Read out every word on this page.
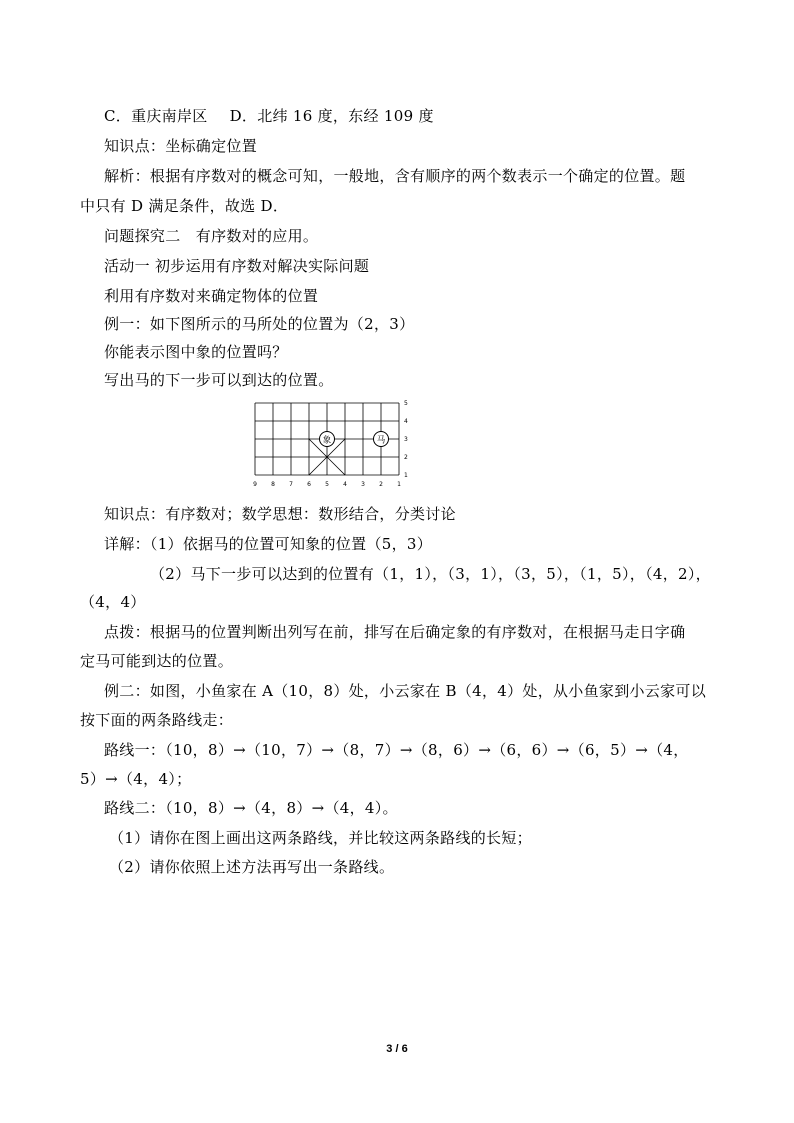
C．重庆南岸区 D．北纬 16 度，东经 109 度
知识点：坐标确定位置
解析：根据有序数对的概念可知，一般地，含有顺序的两个数表示一个确定的位置。题
中只有 D 满足条件，故选 D．
问题探究二　有序数对的应用。
活动一 初步运用有序数对解决实际问题
利用有序数对来确定物体的位置
例一：如下图所示的马所处的位置为（2，3）
你能表示图中象的位置吗？
写出马的下一步可以到达的位置。
象	马
9 8 7 6 5 4 3 2 1
5
4
3
2
1
知识点：有序数对；数学思想：数形结合，分类讨论
详解：（1）依据马的位置可知象的位置（5，3）
（2）马下一步可以达到的位置有（1，1），（3，1），（3，5），（1，5），（4，2），
（4，4）
点拨：根据马的位置判断出列写在前，排写在后确定象的有序数对，在根据马走日字确
定马可能到达的位置。
例二：如图，小鱼家在 A（10，8）处，小云家在 B（4，4）处，从小鱼家到小云家可以
按下面的两条路线走：
路线一：（10，8）→（10，7）→（8，7）→（8，6）→（6，6）→（6，5）→（4，
5）→（4，4）；
路线二：（10，8）→（4，8）→（4，4）。
（1）请你在图上画出这两条路线，并比较这两条路线的长短；
（2）请你依照上述方法再写出一条路线。
3 / 6
